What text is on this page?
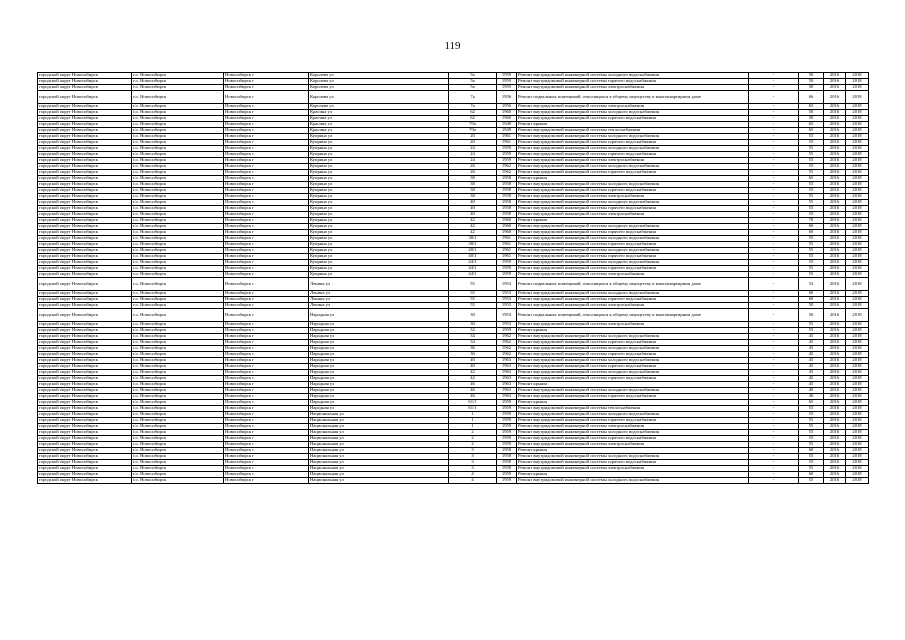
119
городской округ Новосибирск	г.о. Новосибирск	Новосибирск г	Королева ул	5а	1959	Ремонт внутридомовой инженерной системы холодного водоснабжения	-	50	2016	2018
городской округ Новосибирск	г.о. Новосибирск	Новосибирск г	Королева ул	5а	1959	Ремонт внутридомовой инженерной системы горячего водоснабжения	-	50	2016	2018
городской округ Новосибирск	г.о. Новосибирск	Новосибирск г	Королева ул	5а	1959	Ремонт внутридомовой инженерной системы электроснабжения	-	50	2016	2018
городской округ Новосибирск	г.о. Новосибирск	Новосибирск г	Королева ул	7а	1956	Ремонт подвальных помещений, относящихся к общему имуществу в многоквартирном доме	-	66	2016	2018
городской округ Новосибирск	г.о. Новосибирск	Новосибирск г	Королева ул	7а	1956	Ремонт внутридомовой инженерной системы электроснабжения	-	65	2016	2018
городской округ Новосибирск	г.о. Новосибирск	Новосибирск г	Красина ул	62	1960	Ремонт внутридомовой инженерной системы холодного водоснабжения	-	50	2016	2018
городской округ Новосибирск	г.о. Новосибирск	Новосибирск г	Красина ул	62	1960	Ремонт внутридомовой инженерной системы горячего водоснабжения	-	50	2016	2018
городской округ Новосибирск	г.о. Новосибирск	Новосибирск г	Красина ул	70а	1949	Ремонт крыши	-	65	2016	2018
городской округ Новосибирск	г.о. Новосибирск	Новосибирск г	Красина ул	70а	1949	Ремонт внутридомовой инженерной системы теплоснабжения	-	65	2016	2018
городской округ Новосибирск	г.о. Новосибирск	Новосибирск г	Куприна ул	20	1961	Ремонт внутридомовой инженерной системы холодного водоснабжения	-	55	2016	2018
городской округ Новосибирск	г.о. Новосибирск	Новосибирск г	Куприна ул	20	1961	Ремонт внутридомовой инженерной системы горячего водоснабжения	-	55	2016	2018
городской округ Новосибирск	г.о. Новосибирск	Новосибирск г	Куприна ул	24	1959	Ремонт внутридомовой инженерной системы холодного водоснабжения	-	55	2016	2018
городской округ Новосибирск	г.о. Новосибирск	Новосибирск г	Куприна ул	24	1959	Ремонт внутридомовой инженерной системы горячего водоснабжения	-	55	2016	2018
городской округ Новосибирск	г.о. Новосибирск	Новосибирск г	Куприна ул	24	1959	Ремонт внутридомовой инженерной системы электроснабжения	-	55	2016	2018
городской округ Новосибирск	г.о. Новосибирск	Новосибирск г	Куприна ул	26	1962	Ремонт внутридомовой инженерной системы холодного водоснабжения	-	55	2016	2018
городской округ Новосибирск	г.о. Новосибирск	Новосибирск г	Куприна ул	26	1962	Ремонт внутридомовой инженерной системы горячего водоснабжения	-	55	2016	2018
городской округ Новосибирск	г.о. Новосибирск	Новосибирск г	Куприна ул	38	1958	Ремонт крыши	-	65	2016	2018
городской округ Новосибирск	г.о. Новосибирск	Новосибирск г	Куприна ул	38	1958	Ремонт внутридомовой инженерной системы холодного водоснабжения	-	55	2016	2018
городской округ Новосибирск	г.о. Новосибирск	Новосибирск г	Куприна ул	38	1958	Ремонт внутридомовой инженерной системы горячего водоснабжения	-	55	2016	2018
городской округ Новосибирск	г.о. Новосибирск	Новосибирск г	Куприна ул	38	1958	Ремонт внутридомовой инженерной системы электроснабжения	-	55	2016	2018
городской округ Новосибирск	г.о. Новосибирск	Новосибирск г	Куприна ул	40	1958	Ремонт внутридомовой инженерной системы холодного водоснабжения	-	55	2016	2018
городской округ Новосибирск	г.о. Новосибирск	Новосибирск г	Куприна ул	40	1958	Ремонт внутридомовой инженерной системы горячего водоснабжения	-	55	2016	2018
городской округ Новосибирск	г.о. Новосибирск	Новосибирск г	Куприна ул	40	1958	Ремонт внутридомовой инженерной системы электроснабжения	-	55	2016	2018
городской округ Новосибирск	г.о. Новосибирск	Новосибирск г	Куприна ул	42	1960	Ремонт крыши	-	70	2016	2018
городской округ Новосибирск	г.о. Новосибирск	Новосибирск г	Куприна ул	42	1960	Ремонт внутридомовой инженерной системы холодного водоснабжения	-	60	2016	2018
городской округ Новосибирск	г.о. Новосибирск	Новосибирск г	Куприна ул	42	1960	Ремонт внутридомовой инженерной системы горячего водоснабжения	-	60	2016	2018
городской округ Новосибирск	г.о. Новосибирск	Новосибирск г	Куприна ул	38/1	1961	Ремонт внутридомовой инженерной системы холодного водоснабжения	-	55	2016	2018
городской округ Новосибирск	г.о. Новосибирск	Новосибирск г	Куприна ул	38/1	1961	Ремонт внутридомовой инженерной системы горячего водоснабжения	-	55	2016	2018
городской округ Новосибирск	г.о. Новосибирск	Новосибирск г	Куприна ул	40/1	1961	Ремонт внутридомовой инженерной системы холодного водоснабжения	-	55	2016	2018
городской округ Новосибирск	г.о. Новосибирск	Новосибирск г	Куприна ул	40/1	1961	Ремонт внутридомовой инженерной системы горячего водоснабжения	-	55	2016	2018
городской округ Новосибирск	г.о. Новосибирск	Новосибирск г	Куприна ул	44/1	1959	Ремонт внутридомовой инженерной системы холодного водоснабжения	-	55	2016	2018
городской округ Новосибирск	г.о. Новосибирск	Новосибирск г	Куприна ул	44/1	1959	Ремонт внутридомовой инженерной системы горячего водоснабжения	-	55	2016	2018
городской округ Новосибирск	г.о. Новосибирск	Новосибирск г	Куприна ул	44/1	1959	Ремонт внутридомовой инженерной системы электроснабжения	-	55	2016	2018
городской округ Новосибирск	г.о. Новосибирск	Новосибирск г	Ленина ул	55	1953	Ремонт подвальных помещений, относящихся к общему имуществу в многоквартирном доме	-	53	2016	2018
городской округ Новосибирск	г.о. Новосибирск	Новосибирск г	Ленина ул	55	1953	Ремонт внутридомовой инженерной системы холодного водоснабжения	-	60	2016	2018
городской округ Новосибирск	г.о. Новосибирск	Новосибирск г	Ленина ул	55	1953	Ремонт внутридомовой инженерной системы горячего водоснабжения	-	60	2016	2018
городской округ Новосибирск	г.о. Новосибирск	Новосибирск г	Ленина ул	55	1953	Ремонт внутридомовой инженерной системы электроснабжения	-	50	2016	2018
городской округ Новосибирск	г.о. Новосибирск	Новосибирск г	Народная ул	30	1953	Ремонт подвальных помещений, относящихся к общему имуществу в многоквартирном доме	-	50	2016	2018
городской округ Новосибирск	г.о. Новосибирск	Новосибирск г	Народная ул	30	1953	Ремонт внутридомовой инженерной системы электроснабжения	-	55	2016	2018
городской округ Новосибирск	г.о. Новосибирск	Новосибирск г	Народная ул	32	1959	Ремонт крыши	-	55	2016	2018
городской округ Новосибирск	г.о. Новосибирск	Новосибирск г	Народная ул	34	1962	Ремонт внутридомовой инженерной системы холодного водоснабжения	-	45	2016	2018
городской округ Новосибирск	г.о. Новосибирск	Новосибирск г	Народная ул	34	1962	Ремонт внутридомовой инженерной системы горячего водоснабжения	-	45	2016	2018
городской округ Новосибирск	г.о. Новосибирск	Новосибирск г	Народная ул	36	1962	Ремонт внутридомовой инженерной системы холодного водоснабжения	-	45	2016	2018
городской округ Новосибирск	г.о. Новосибирск	Новосибирск г	Народная ул	36	1962	Ремонт внутридомовой инженерной системы горячего водоснабжения	-	45	2016	2018
городской округ Новосибирск	г.о. Новосибирск	Новосибирск г	Народная ул	40	1963	Ремонт внутридомовой инженерной системы холодного водоснабжения	-	45	2016	2018
городской округ Новосибирск	г.о. Новосибирск	Новосибирск г	Народная ул	40	1963	Ремонт внутридомовой инженерной системы горячего водоснабжения	-	45	2016	2018
городской округ Новосибирск	г.о. Новосибирск	Новосибирск г	Народная ул	42	1963	Ремонт внутридомовой инженерной системы холодного водоснабжения	-	45	2016	2018
городской округ Новосибирск	г.о. Новосибирск	Новосибирск г	Народная ул	42	1963	Ремонт внутридомовой инженерной системы горячего водоснабжения	-	45	2016	2018
городской округ Новосибирск	г.о. Новосибирск	Новосибирск г	Народная ул	46	1963	Ремонт крыши	-	45	2016	2018
городской округ Новосибирск	г.о. Новосибирск	Новосибирск г	Народная ул	46	1963	Ремонт внутридомовой инженерной системы холодного водоснабжения	-	40	2016	2018
городской округ Новосибирск	г.о. Новосибирск	Новосибирск г	Народная ул	46	1963	Ремонт внутридомовой инженерной системы горячего водоснабжения	-	40	2016	2018
городской округ Новосибирск	г.о. Новосибирск	Новосибирск г	Народная ул	61/1	1959	Ремонт крыши	-	65	2016	2018
городской округ Новосибирск	г.о. Новосибирск	Новосибирск г	Народная ул	61/1	1959	Ремонт внутридомовой инженерной системы теплоснабжения	-	55	2016	2018
городской округ Новосибирск	г.о. Новосибирск	Новосибирск г	Национальная ул	1	1959	Ремонт внутридомовой инженерной системы холодного водоснабжения	-	55	2016	2018
городской округ Новосибирск	г.о. Новосибирск	Новосибирск г	Национальная ул	1	1959	Ремонт внутридомовой инженерной системы горячего водоснабжения	-	55	2016	2018
городской округ Новосибирск	г.о. Новосибирск	Новосибирск г	Национальная ул	1	1959	Ремонт внутридомовой инженерной системы электроснабжения	-	55	2016	2018
городской округ Новосибирск	г.о. Новосибирск	Новосибирск г	Национальная ул	2	1959	Ремонт внутридомовой инженерной системы холодного водоснабжения	-	55	2016	2018
городской округ Новосибирск	г.о. Новосибирск	Новосибирск г	Национальная ул	2	1959	Ремонт внутридомовой инженерной системы горячего водоснабжения	-	55	2016	2018
городской округ Новосибирск	г.о. Новосибирск	Новосибирск г	Национальная ул	2	1959	Ремонт внутридомовой инженерной системы электроснабжения	-	55	2016	2018
городской округ Новосибирск	г.о. Новосибирск	Новосибирск г	Национальная ул	3	1958	Ремонт крыши	-	60	2016	2018
городской округ Новосибирск	г.о. Новосибирск	Новосибирск г	Национальная ул	3	1958	Ремонт внутридомовой инженерной системы холодного водоснабжения	-	55	2016	2018
городской округ Новосибирск	г.о. Новосибирск	Новосибирск г	Национальная ул	3	1958	Ремонт внутридомовой инженерной системы горячего водоснабжения	-	55	2016	2018
городской округ Новосибирск	г.о. Новосибирск	Новосибирск г	Национальная ул	3	1958	Ремонт внутридомовой инженерной системы электроснабжения	-	55	2016	2018
городской округ Новосибирск	г.о. Новосибирск	Новосибирск г	Национальная ул	4	1959	Ремонт крыши	-	60	2016	2018
городской округ Новосибирск	г.о. Новосибирск	Новосибирск г	Национальная ул	4	1959	Ремонт внутридомовой инженерной системы холодного водоснабжения	-	55	2016	2018
